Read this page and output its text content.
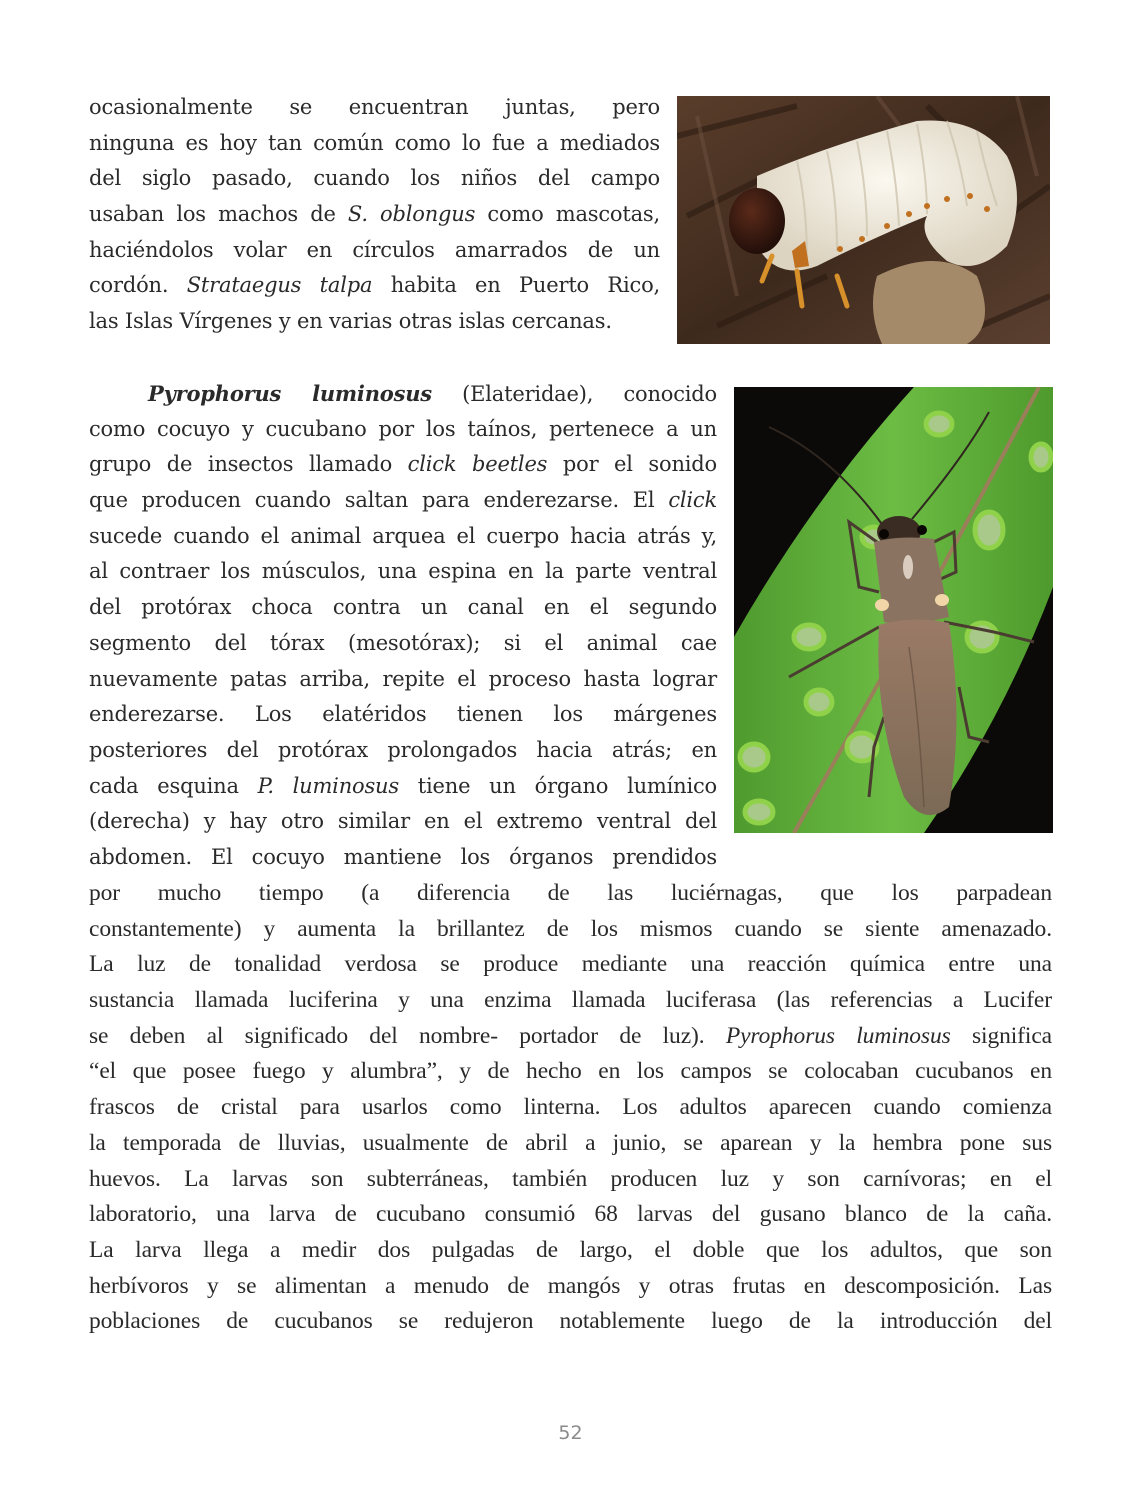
ocasionalmente se encuentran juntas, pero
ninguna es hoy tan común como lo fue a mediados
del siglo pasado, cuando los niños del campo
usaban los machos de S. oblongus como mascotas,
haciéndolos volar en círculos amarrados de un
cordón. Strataegus talpa habita en Puerto Rico,
las Islas Vírgenes y en varias otras islas cercanas.
Pyrophorus luminosus (Elateridae), conocido
como cocuyo y cucubano por los taínos, pertenece a un
grupo de insectos llamado click beetles por el sonido
que producen cuando saltan para enderezarse. El click
sucede cuando el animal arquea el cuerpo hacia atrás y,
al contraer los músculos, una espina en la parte ventral
del protórax choca contra un canal en el segundo
segmento del tórax (mesotórax); si el animal cae
nuevamente patas arriba, repite el proceso hasta lograr
enderezarse. Los elatéridos tienen los márgenes
posteriores del protórax prolongados hacia atrás; en
cada esquina P. luminosus tiene un órgano lumínico
(derecha) y hay otro similar en el extremo ventral del
abdomen. El cocuyo mantiene los órganos prendidos
por mucho tiempo (a diferencia de las luciérnagas, que los parpadean
constantemente) y aumenta la brillantez de los mismos cuando se siente amenazado.
La luz de tonalidad verdosa se produce mediante una reacción química entre una
sustancia llamada luciferina y una enzima llamada luciferasa (las referencias a Lucifer
se deben al significado del nombre- portador de luz). Pyrophorus luminosus significa
“el que posee fuego y alumbra”, y de hecho en los campos se colocaban cucubanos en
frascos de cristal para usarlos como linterna. Los adultos aparecen cuando comienza
la temporada de lluvias, usualmente de abril a junio, se aparean y la hembra pone sus
huevos. La larvas son subterráneas, también producen luz y son carnívoras; en el
laboratorio, una larva de cucubano consumió 68 larvas del gusano blanco de la caña.
La larva llega a medir dos pulgadas de largo, el doble que los adultos, que son
herbívoros y se alimentan a menudo de mangós y otras frutas en descomposición. Las
poblaciones de cucubanos se redujeron notablemente luego de la introducción del
52
